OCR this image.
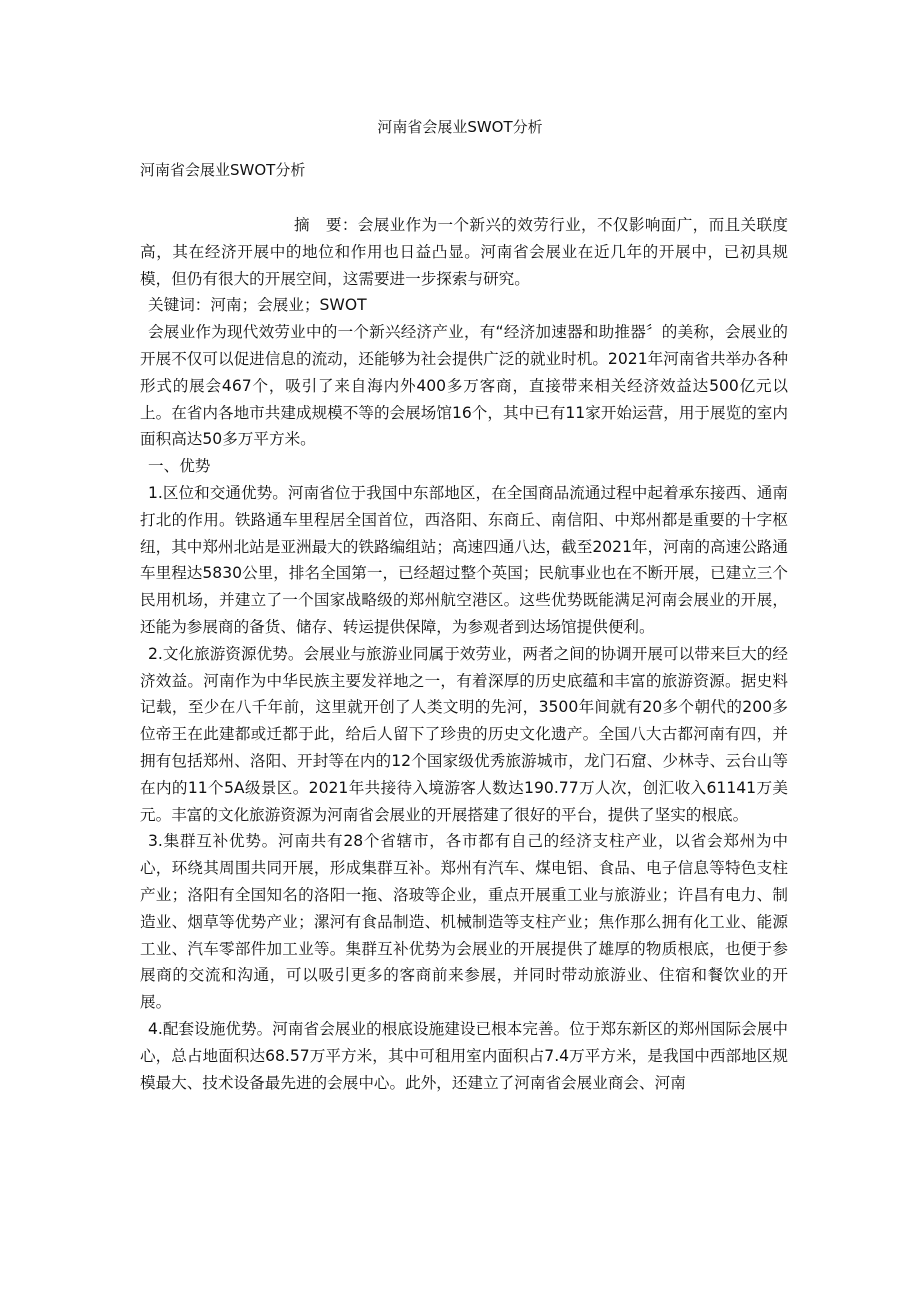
河南省会展业SWOT分析
河南省会展业SWOT分析

摘　要：会展业作为一个新兴的效劳行业，不仅影响面广，而且关联度高，其在经济开展中的地位和作用也日益凸显。河南省会展业在近几年的开展中，已初具规模，但仍有很大的开展空间，这需要进一步探索与研究。

关键词：河南；会展业；SWOT

会展业作为现代效劳业中的一个新兴经济产业，有“经济加速器和助推器〞的美称，会展业的开展不仅可以促进信息的流动，还能够为社会提供广泛的就业时机。2021年河南省共举办各种形式的展会467个，吸引了来自海内外400多万客商，直接带来相关经济效益达500亿元以上。在省内各地市共建成规模不等的会展场馆16个，其中已有11家开始运营，用于展览的室内面积高达50多万平方米。

一、优势

1.区位和交通优势。河南省位于我国中东部地区，在全国商品流通过程中起着承东接西、通南打北的作用。铁路通车里程居全国首位，西洛阳、东商丘、南信阳、中郑州都是重要的十字枢纽，其中郑州北站是亚洲最大的铁路编组站；高速四通八达，截至2021年，河南的高速公路通车里程达5830公里，排名全国第一，已经超过整个英国；民航事业也在不断开展，已建立三个民用机场，并建立了一个国家战略级的郑州航空港区。这些优势既能满足河南会展业的开展，还能为参展商的备货、储存、转运提供保障，为参观者到达场馆提供便利。

2.文化旅游资源优势。会展业与旅游业同属于效劳业，两者之间的协调开展可以带来巨大的经济效益。河南作为中华民族主要发祥地之一，有着深厚的历史底蕴和丰富的旅游资源。据史料记载，至少在八千年前，这里就开创了人类文明的先河，3500年间就有20多个朝代的200多位帝王在此建都或迁都于此，给后人留下了珍贵的历史文化遗产。全国八大古都河南有四，并拥有包括郑州、洛阳、开封等在内的12个国家级优秀旅游城市，龙门石窟、少林寺、云台山等在内的11个5A级景区。2021年共接待入境游客人数达190.77万人次，创汇收入61141万美元。丰富的文化旅游资源为河南省会展业的开展搭建了很好的平台，提供了坚实的根底。

3.集群互补优势。河南共有28个省辖市，各市都有自己的经济支柱产业，以省会郑州为中心，环绕其周围共同开展，形成集群互补。郑州有汽车、煤电铝、食品、电子信息等特色支柱产业；洛阳有全国知名的洛阳一拖、洛玻等企业，重点开展重工业与旅游业；许昌有电力、制造业、烟草等优势产业；漯河有食品制造、机械制造等支柱产业；焦作那么拥有化工业、能源工业、汽车零部件加工业等。集群互补优势为会展业的开展提供了雄厚的物质根底，也便于参展商的交流和沟通，可以吸引更多的客商前来参展，并同时带动旅游业、住宿和餐饮业的开展。

4.配套设施优势。河南省会展业的根底设施建设已根本完善。位于郑东新区的郑州国际会展中心，总占地面积达68.57万平方米，其中可租用室内面积占7.4万平方米，是我国中西部地区规模最大、技术设备最先进的会展中心。此外，还建立了河南省会展业商会、河南
